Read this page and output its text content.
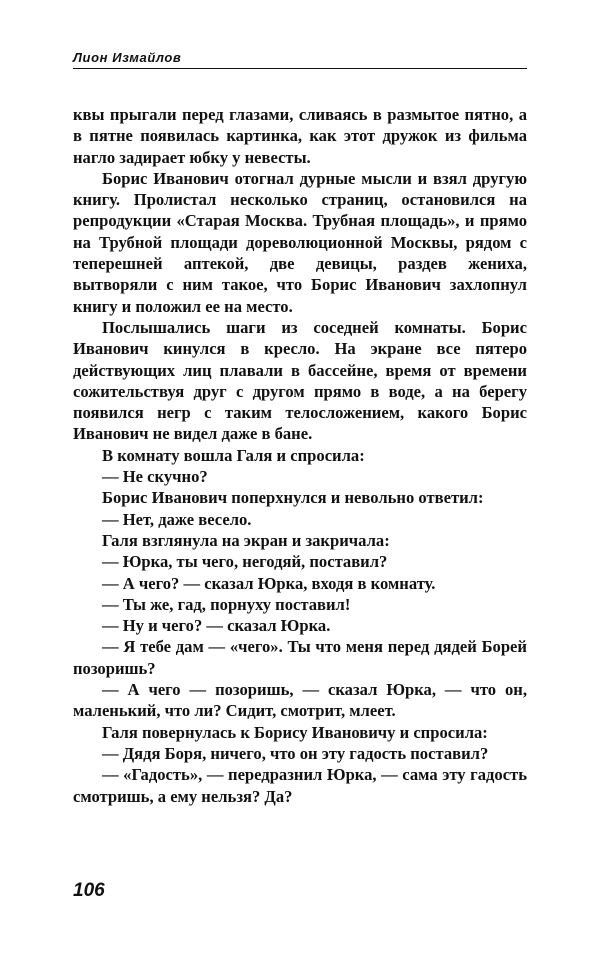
Лион Измайлов

квы прыгали перед глазами, сливаясь в размытое пятно, а в пятне появилась картинка, как этот дружок из фильма нагло задирает юбку у невесты.

Борис Иванович отогнал дурные мысли и взял другую книгу. Пролистал несколько страниц, остановился на репродукции «Старая Москва. Трубная площадь», и прямо на Трубной площади дореволюционной Москвы, рядом с теперешней аптекой, две девицы, раздев жениха, вытворяли с ним такое, что Борис Иванович захлопнул книгу и положил ее на место.

Послышались шаги из соседней комнаты. Борис Иванович кинулся в кресло. На экране все пятеро действующих лиц плавали в бассейне, время от времени сожительствуя друг с другом прямо в воде, а на берегу появился негр с таким телосложением, какого Борис Иванович не видел даже в бане.

В комнату вошла Галя и спросила:

— Не скучно?

Борис Иванович поперхнулся и невольно ответил:

— Нет, даже весело.

Галя взглянула на экран и закричала:

— Юрка, ты чего, негодяй, поставил?

— А чего? — сказал Юрка, входя в комнату.

— Ты же, гад, порнуху поставил!

— Ну и чего? — сказал Юрка.

— Я тебе дам — «чего». Ты что меня перед дядей Борей позоришь?

— А чего — позоришь, — сказал Юрка, — что он, маленький, что ли? Сидит, смотрит, млеет.

Галя повернулась к Борису Ивановичу и спросила:

— Дядя Боря, ничего, что он эту гадость поставил?

— «Гадость», — передразнил Юрка, — сама эту гадость смотришь, а ему нельзя? Да?

106
